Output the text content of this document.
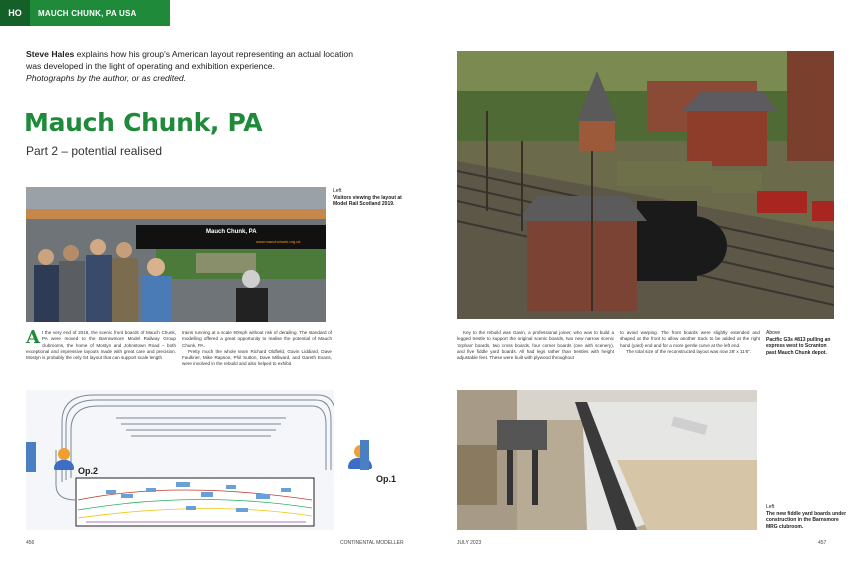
HO	MAUCH CHUNK, PA USA
Steve Hales explains how his group's American layout representing an actual location was developed in the light of operating and exhibition experience.
Photographs by the author, or as credited.
Mauch Chunk, PA
Part 2 – potential realised
Mauch Chunk, PA
www.mauchchunk.org.uk
Left
Visitors viewing the layout at Model Rail Scotland 2019.
At the very end of 2016, the scenic front boards of Mauch Chunk, PA were moved to the Barrowmore Model Railway Group clubrooms, the home of Mostyn and Johnstown Road – both exceptional and impressive layouts made with great care and precision. Mostyn is probably the only S4 layout that can support scale length

trains running at a scale 90mph without risk of derailing. The standard of modelling offered a great opportunity to realise the potential of Mauch Chunk, PA.

Pretty much the whole team Richard Oldfield, Gavin Liddiard, Dave Faulkner, Mike Rapson, Phil Sutton, Dave Millward, and Gareth Evans, were involved in the rebuild and also helped to exhibit.

Op.2
Op.1
456	CONTINENTAL MODELLER

Key to the rebuild was Gavin, a professional joiner, who was to build a legged trestle to support the original scenic boards, two new narrow scenic 'orphan' boards, two cross boards, four corner boards (one with scenery), and five fiddle yard boards. All had legs rather than trestles with height adjustable feet. These were built with plywood throughout

to avoid warping. The front boards were slightly extended and shaped at the front to allow another track to be added at the right hand (yard) end and for a more gentle curve at the left end.

The total size of the reconstructed layout was now 28' x 11'6".

Above
Pacific G3s #813 pulling an express west to Scranton past Mauch Chunk depot.
Left
The new fiddle yard boards under construction in the Barnsmore MRG clubroom.
JULY 2023	457
